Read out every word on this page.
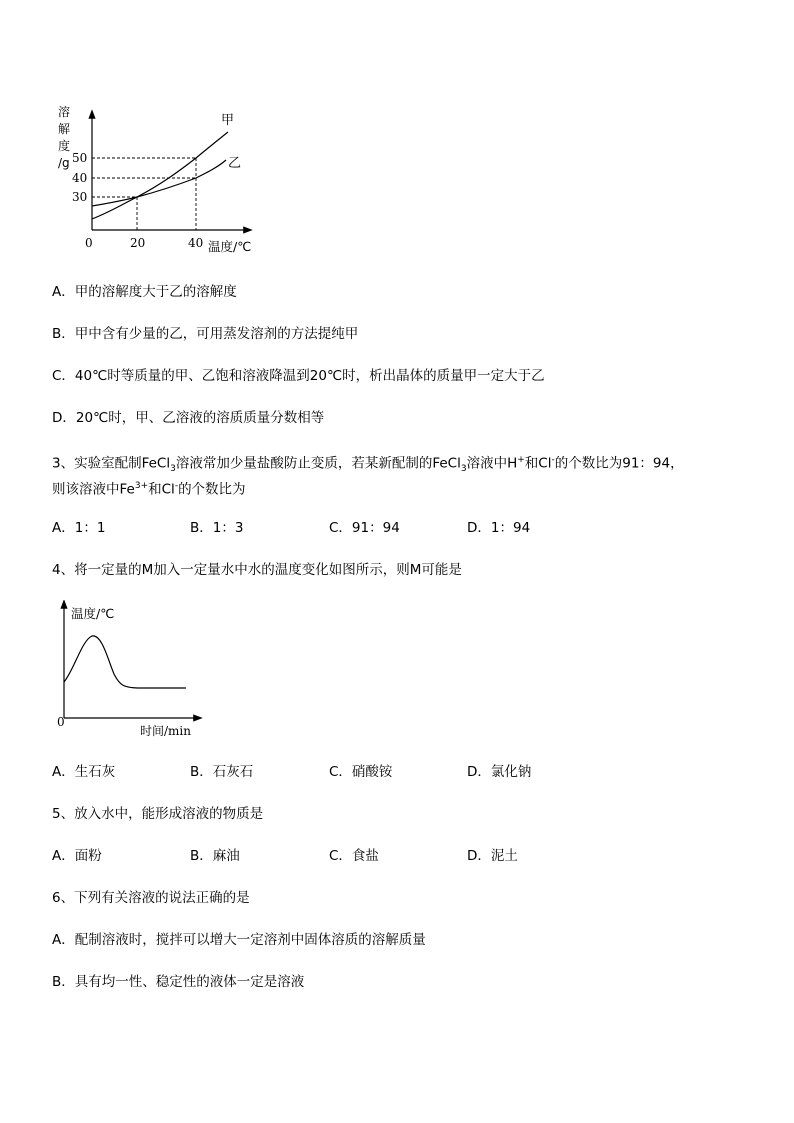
溶
解
度
/g 50
40
30
0	20	40 温度/℃
甲
乙
A．甲的溶解度大于乙的溶解度
B．甲中含有少量的乙，可用蒸发溶剂的方法提纯甲
C．40℃时等质量的甲、乙饱和溶液降温到20℃时，析出晶体的质量甲一定大于乙
D．20℃时，甲、乙溶液的溶质质量分数相等
3、实验室配制FeCl$_3$溶液常加少量盐酸防止变质，若某新配制的FeCl$_3$溶液中H+和Cl-的个数比为91：94，
则该溶液中$Fe^{3+}$和Cl-的个数比为
A．1：1	B．1：3	C．91：94	D．1：94
4、将一定量的M加入一定量水中水的温度变化如图所示，则M可能是
温度/℃
0
时间/min
A．生石灰	B．石灰石	C．硝酸铵	D．氯化钠
5、放入水中，能形成溶液的物质是
A．面粉	B．麻油	C．食盐	D．泥土
6、下列有关溶液的说法正确的是
A．配制溶液时，搅拌可以增大一定溶剂中固体溶质的溶解质量
B．具有均一性、稳定性的液体一定是溶液
